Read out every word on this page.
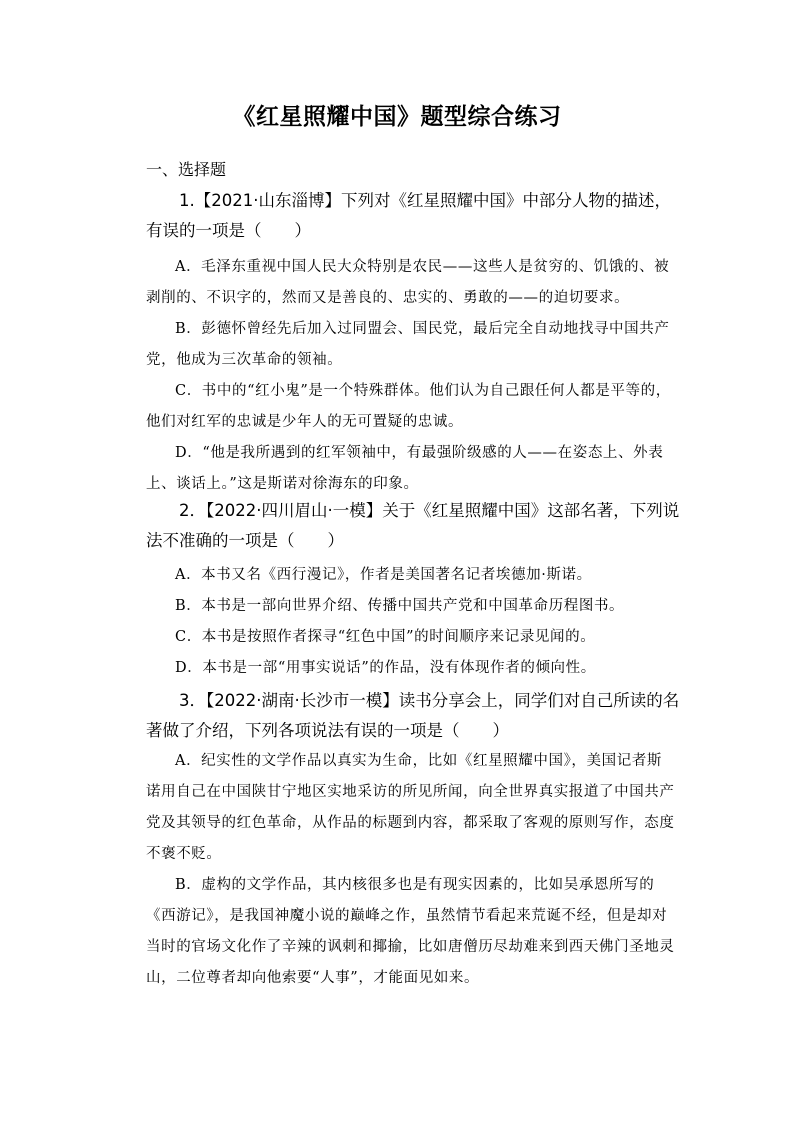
《红星照耀中国》题型综合练习
一、选择题
1.【2021·山东淄博】下列对《红星照耀中国》中部分人物的描述，有误的一项是（　　）

A．毛泽东重视中国人民大众特别是农民——这些人是贫穷的、饥饿的、被剥削的、不识字的，然而又是善良的、忠实的、勇敢的——的迫切要求。

B．彭德怀曾经先后加入过同盟会、国民党，最后完全自动地找寻中国共产党，他成为三次革命的领袖。

C．书中的“红小鬼”是一个特殊群体。他们认为自己跟任何人都是平等的，他们对红军的忠诚是少年人的无可置疑的忠诚。

D．“他是我所遇到的红军领袖中，有最强阶级感的人——在姿态上、外表上、谈话上。”这是斯诺对徐海东的印象。

2．【2022·四川眉山·一模】关于《红星照耀中国》这部名著，下列说法不准确的一项是（　　）

A．本书又名《西行漫记》，作者是美国著名记者埃德加·斯诺。

B．本书是一部向世界介绍、传播中国共产党和中国革命历程图书。

C．本书是按照作者探寻“红色中国”的时间顺序来记录见闻的。

D．本书是一部“用事实说话”的作品，没有体现作者的倾向性。

3．【2022·湖南·长沙市一模】读书分享会上，同学们对自己所读的名著做了介绍，下列各项说法有误的一项是（　　）

A．纪实性的文学作品以真实为生命，比如《红星照耀中国》，美国记者斯诺用自己在中国陕甘宁地区实地采访的所见所闻，向全世界真实报道了中国共产党及其领导的红色革命，从作品的标题到内容，都采取了客观的原则写作，态度不褒不贬。

B．虚构的文学作品，其内核很多也是有现实因素的，比如吴承恩所写的《西游记》，是我国神魔小说的巅峰之作，虽然情节看起来荒诞不经，但是却对当时的官场文化作了辛辣的讽刺和揶揄，比如唐僧历尽劫难来到西天佛门圣地灵山，二位尊者却向他索要“人事”，才能面见如来。
